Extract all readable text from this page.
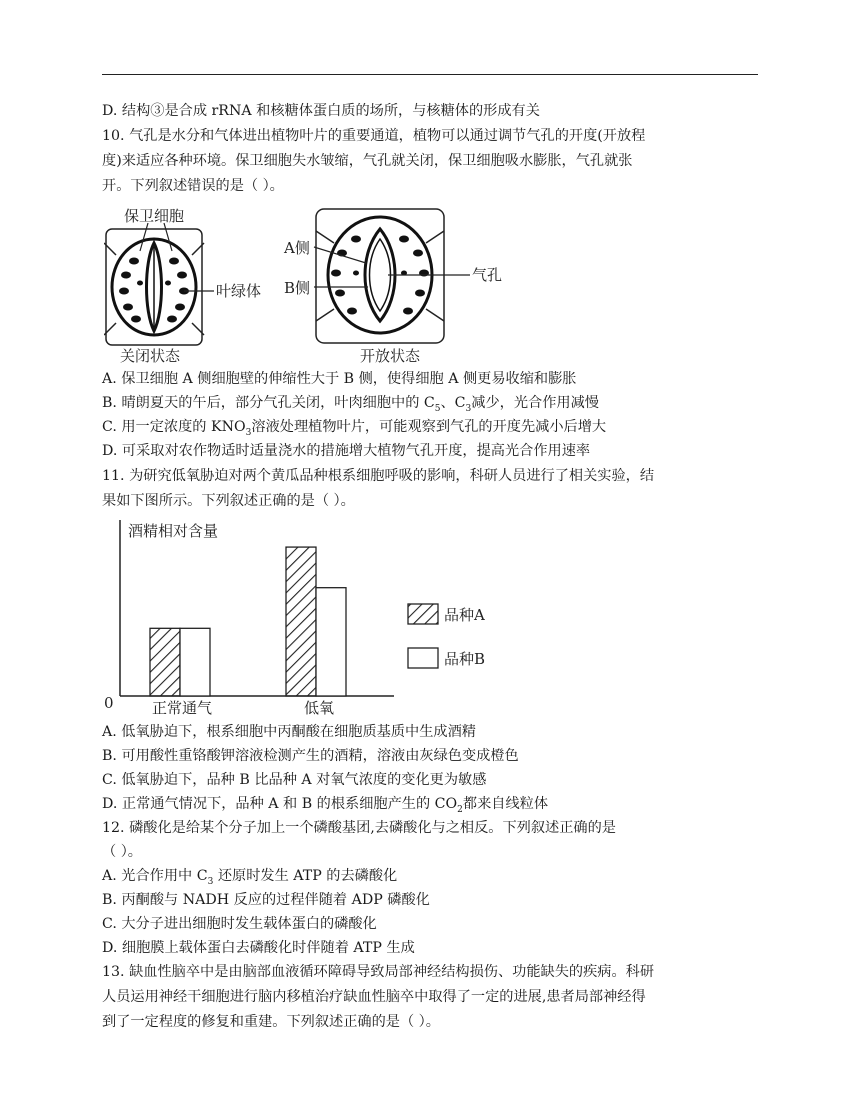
D. 结构③是合成 rRNA 和核糖体蛋白质的场所，与核糖体的形成有关
10. 气孔是水分和气体进出植物叶片的重要通道，植物可以通过调节气孔的开度(开放程
度)来适应各种环境。保卫细胞失水皱缩，气孔就关闭，保卫细胞吸水膨胀，气孔就张
开。下列叙述错误的是（ ）。
保卫细胞
叶绿体
关闭状态
A侧
B侧
气孔
开放状态
A. 保卫细胞 A 侧细胞壁的伸缩性大于 B 侧，使得细胞 A 侧更易收缩和膨胀
B. 晴朗夏天的午后，部分气孔关闭，叶肉细胞中的 $C_5$、$C_3$减少，光合作用减慢
C. 用一定浓度的 $KNO_3$溶液处理植物叶片，可能观察到气孔的开度先减小后增大
D. 可采取对农作物适时适量浇水的措施增大植物气孔开度，提高光合作用速率
11. 为研究低氧胁迫对两个黄瓜品种根系细胞呼吸的影响，科研人员进行了相关实验，结
果如下图所示。下列叙述正确的是（ ）。
酒精相对含量
0	正常通气	低氧
品种A
品种B
A. 低氧胁迫下，根系细胞中丙酮酸在细胞质基质中生成酒精
B. 可用酸性重铬酸钾溶液检测产生的酒精，溶液由灰绿色变成橙色
C. 低氧胁迫下，品种 B 比品种 A 对氧气浓度的变化更为敏感
D. 正常通气情况下，品种 A 和 B 的根系细胞产生的 $CO_2$都来自线粒体
12. 磷酸化是给某个分子加上一个磷酸基团,去磷酸化与之相反。下列叙述正确的是
（ ）。
A. 光合作用中 $C_3$ 还原时发生 ATP 的去磷酸化
B. 丙酮酸与 NADH 反应的过程伴随着 ADP 磷酸化
C. 大分子进出细胞时发生载体蛋白的磷酸化
D. 细胞膜上载体蛋白去磷酸化时伴随着 ATP 生成
13. 缺血性脑卒中是由脑部血液循环障碍导致局部神经结构损伤、功能缺失的疾病。科研
人员运用神经干细胞进行脑内移植治疗缺血性脑卒中取得了一定的进展,患者局部神经得
到了一定程度的修复和重建。下列叙述正确的是（ ）。
